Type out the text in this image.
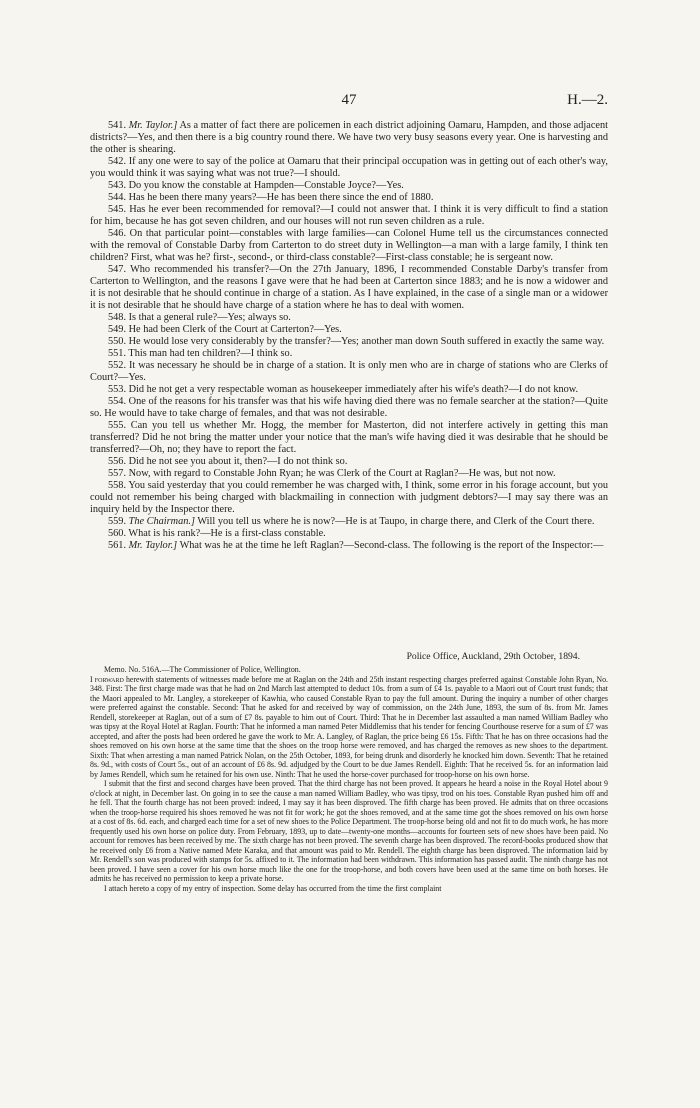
47	H.—2.

541. Mr. Taylor.] As a matter of fact there are policemen in each district adjoining Oamaru, Hampden, and those adjacent districts?—Yes, and then there is a big country round there. We have two very busy seasons every year. One is harvesting and the other is shearing.

542. If any one were to say of the police at Oamaru that their principal occupation was in getting out of each other's way, you would think it was saying what was not true?—I should.

543. Do you know the constable at Hampden—Constable Joyce?—Yes.

544. Has he been there many years?—He has been there since the end of 1880.

545. Has he ever been recommended for removal?—I could not answer that. I think it is very difficult to find a station for him, because he has got seven children, and our houses will not run seven children as a rule.

546. On that particular point—constables with large families—can Colonel Hume tell us the circumstances connected with the removal of Constable Darby from Carterton to do street duty in Wellington—a man with a large family, I think ten children? First, what was he? first-, second-, or third-class constable?—First-class constable; he is sergeant now.

547. Who recommended his transfer?—On the 27th January, 1896, I recommended Constable Darby's transfer from Carterton to Wellington, and the reasons I gave were that he had been at Carterton since 1883; and he is now a widower and it is not desirable that he should continue in charge of a station. As I have explained, in the case of a single man or a widower it is not desirable that he should have charge of a station where he has to deal with women.

548. Is that a general rule?—Yes; always so.

549. He had been Clerk of the Court at Carterton?—Yes.

550. He would lose very considerably by the transfer?—Yes; another man down South suffered in exactly the same way.

551. This man had ten children?—I think so.

552. It was necessary he should be in charge of a station. It is only men who are in charge of stations who are Clerks of Court?—Yes.

553. Did he not get a very respectable woman as housekeeper immediately after his wife's death?—I do not know.

554. One of the reasons for his transfer was that his wife having died there was no female searcher at the station?—Quite so. He would have to take charge of females, and that was not desirable.

555. Can you tell us whether Mr. Hogg, the member for Masterton, did not interfere actively in getting this man transferred? Did he not bring the matter under your notice that the man's wife having died it was desirable that he should be transferred?—Oh, no; they have to report the fact.

556. Did he not see you about it, then?—I do not think so.

557. Now, with regard to Constable John Ryan; he was Clerk of the Court at Raglan?—He was, but not now.

558. You said yesterday that you could remember he was charged with, I think, some error in his forage account, but you could not remember his being charged with blackmailing in connection with judgment debtors?—I may say there was an inquiry held by the Inspector there.

559. The Chairman.] Will you tell us where he is now?—He is at Taupo, in charge there, and Clerk of the Court there.

560. What is his rank?—He is a first-class constable.

561. Mr. Taylor.] What was he at the time he left Raglan?—Second-class. The following is the report of the Inspector:—

Police Office, Auckland, 29th October, 1894.

Memo. No. 516A.—The Commissioner of Police, Wellington.

I forward herewith statements of witnesses made before me at Raglan on the 24th and 25th instant respecting charges preferred against Constable John Ryan, No. 348. First: The first charge made was that he had on 2nd March last attempted to deduct 10s. from a sum of £4 1s. payable to a Maori out of Court trust funds; that the Maori appealed to Mr. Langley, a storekeeper of Kawhia, who caused Constable Ryan to pay the full amount. During the inquiry a number of other charges were preferred against the constable. Second: That he asked for and received by way of commission, on the 24th June, 1893, the sum of 8s. from Mr. James Rendell, storekeeper at Raglan, out of a sum of £7 8s. payable to him out of Court. Third: That he in December last assaulted a man named William Badley who was tipsy at the Royal Hotel at Raglan. Fourth: That he informed a man named Peter Middlemiss that his tender for fencing Courthouse reserve for a sum of £7 was accepted, and after the posts had been ordered he gave the work to Mr. A. Langley, of Raglan, the price being £6 15s. Fifth: That he has on three occasions had the shoes removed on his own horse at the same time that the shoes on the troop horse were removed, and has charged the removes as new shoes to the department. Sixth: That when arresting a man named Patrick Nolan, on the 25th October, 1893, for being drunk and disorderly he knocked him down. Seventh: That he retained 8s. 9d., with costs of Court 5s., out of an account of £6 8s. 9d. adjudged by the Court to be due James Rendell. Eighth: That he received 5s. for an information laid by James Rendell, which sum he retained for his own use. Ninth: That he used the horse-cover purchased for troop-horse on his own horse.

I submit that the first and second charges have been proved. That the third charge has not been proved. It appears he heard a noise in the Royal Hotel about 9 o'clock at night, in December last. On going in to see the cause a man named William Badley, who was tipsy, trod on his toes. Constable Ryan pushed him off and he fell. That the fourth charge has not been proved: indeed, I may say it has been disproved. The fifth charge has been proved. He admits that on three occasions when the troop-horse required his shoes removed he was not fit for work; he got the shoes removed, and at the same time got the shoes removed on his own horse at a cost of 8s. 6d. each, and charged each time for a set of new shoes to the Police Department. The troop-horse being old and not fit to do much work, he has more frequently used his own horse on police duty. From February, 1893, up to date—twenty-one months—accounts for fourteen sets of new shoes have been paid. No account for removes has been received by me. The sixth charge has not been proved. The seventh charge has been disproved. The record-books produced show that he received only £6 from a Native named Mete Karaka, and that amount was paid to Mr. Rendell. The eighth charge has been disproved. The information laid by Mr. Rendell's son was produced with stamps for 5s. affixed to it. The information had been withdrawn. This information has passed audit. The ninth charge has not been proved. I have seen a cover for his own horse much like the one for the troop-horse, and both covers have been used at the same time on both horses. He admits he has received no permission to keep a private horse.

I attach hereto a copy of my entry of inspection. Some delay has occurred from the time the first complaint
